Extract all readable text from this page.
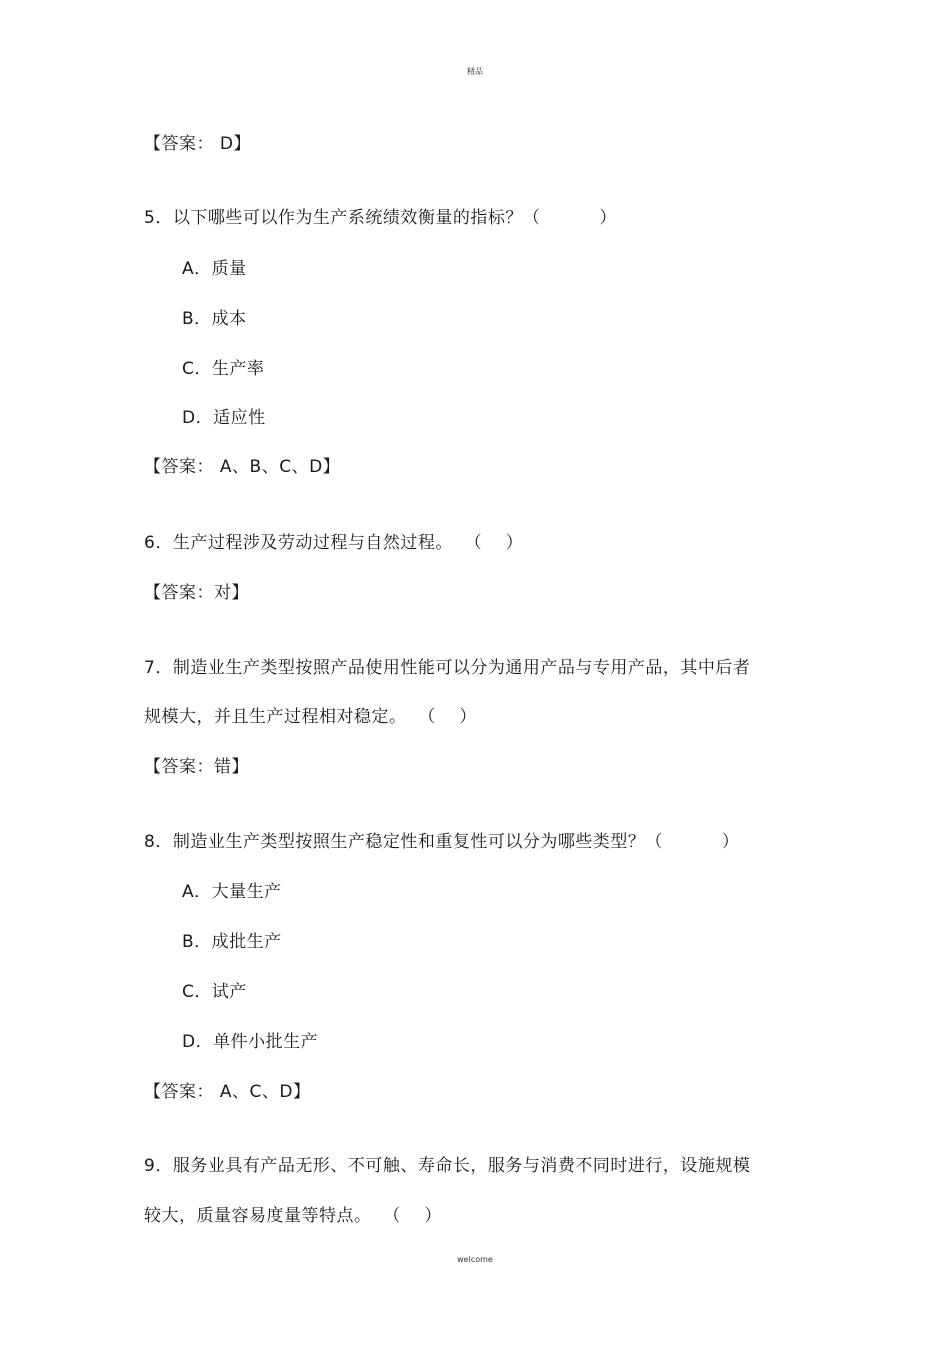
精品
【答案： D】
5．以下哪些可以作为生产系统绩效衡量的指标？（          ）
A．质量
B．成本
C．生产率
D．适应性
【答案： A、B、C、D】
6．生产过程涉及劳动过程与自然过程。  （    ）
【答案：对】
7．制造业生产类型按照产品使用性能可以分为通用产品与专用产品，其中后者
规模大，并且生产过程相对稳定。  （    ）
【答案：错】
8．制造业生产类型按照生产稳定性和重复性可以分为哪些类型？（          ）
A．大量生产
B．成批生产
C．试产
D．单件小批生产
【答案： A、C、D】
9．服务业具有产品无形、不可触、寿命长，服务与消费不同时进行，设施规模
较大，质量容易度量等特点。  （    ）
welcome
